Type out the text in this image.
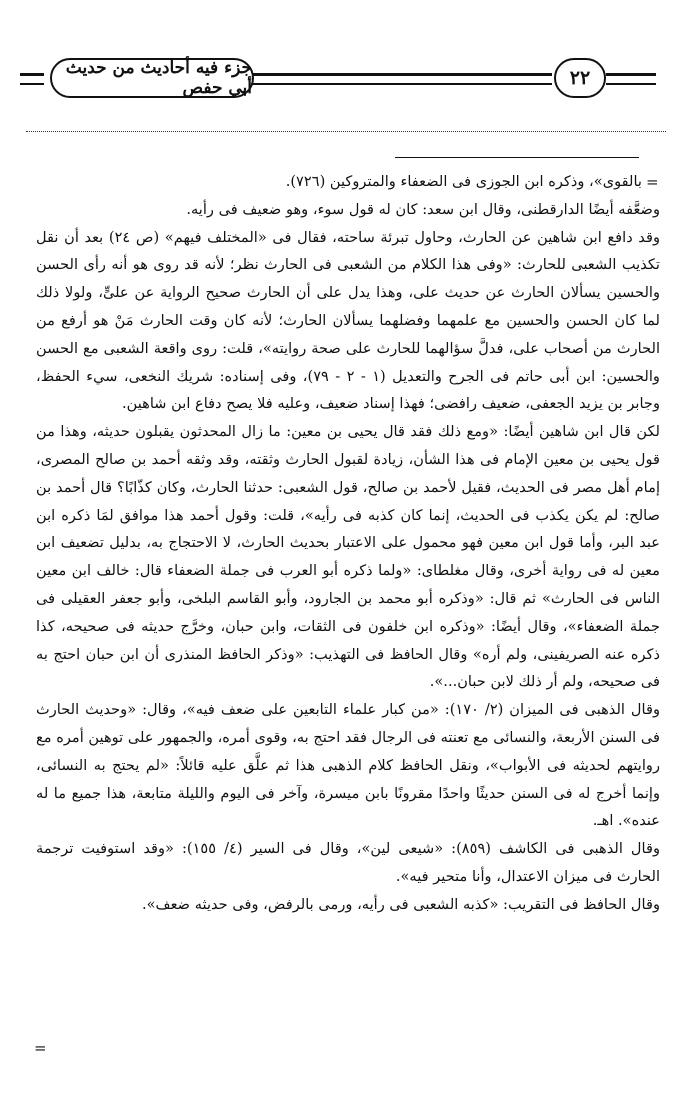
جزء فيه أحاديث من حديث أبي حفص	٢٢
=
=

بالقوى»، وذكره ابن الجوزى فى الضعفاء والمتروكين (٧٢٦).

وضعَّفه أيضًا الدارقطنى، وقال ابن سعد: كان له قول سوء، وهو ضعيف فى رأيه.

وقد دافع ابن شاهين عن الحارث، وحاول تبرئة ساحته، فقال فى «المختلف فيهم» (ص ٢٤) بعد أن نقل تكذيب الشعبى للحارث: «وفى هذا الكلام من الشعبى فى الحارث نظر؛ لأنه قد روى هو أنه رأى الحسن والحسين يسألان الحارث عن حديث على، وهذا يدل على أن الحارث صحيح الرواية عن علىٍّ، ولولا ذلك لما كان الحسن والحسين مع علمهما وفضلهما يسألان الحارث؛ لأنه كان وقت الحارث مَنْ هو أرفع من الحارث من أصحاب على، فدلَّ سؤالهما للحارث على صحة روايته»، قلت: روى واقعة الشعبى مع الحسن والحسين: ابن أبى حاتم فى الجرح والتعديل (١ - ٢ - ٧٩)، وفى إسناده: شريك النخعى، سيء الحفظ، وجابر بن يزيد الجعفى، ضعيف رافضى؛ فهذا إسناد ضعيف، وعليه فلا يصح دفاع ابن شاهين.

لكن قال ابن شاهين أيضًا: «ومع ذلك فقد قال يحيى بن معين: ما زال المحدثون يقبلون حديثه، وهذا من قول يحيى بن معين الإمام فى هذا الشأن، زيادة لقبول الحارث وثقته، وقد وثقه أحمد بن صالح المصرى، إمام أهل مصر فى الحديث، فقيل لأحمد بن صالح، قول الشعبى: حدثنا الحارث، وكان كذّابًا؟ قال أحمد بن صالح: لم يكن يكذب فى الحديث، إنما كان كذبه فى رأيه»، قلت: وقول أحمد هذا موافق لمَا ذكره ابن عبد البر، وأما قول ابن معين فهو محمول على الاعتبار بحديث الحارث، لا الاحتجاج به، بدليل تضعيف ابن معين له فى رواية أخرى، وقال مغلطاى: «ولما ذكره أبو العرب فى جملة الضعفاء قال: خالف ابن معين الناس فى الحارث» ثم قال: «وذكره أبو محمد بن الجارود، وأبو القاسم البلخى، وأبو جعفر العقيلى فى جملة الضعفاء»، وقال أيضًا: «وذكره ابن خلفون فى الثقات، وابن حبان، وخرَّج حديثه فى صحيحه، كذا ذكره عنه الصريفينى، ولم أره» وقال الحافظ فى التهذيب: «وذكر الحافظ المنذرى أن ابن حبان احتج به فى صحيحه، ولم أر ذلك لابن حبان...».

وقال الذهبى فى الميزان (٢/ ١٧٠): «من كبار علماء التابعين على ضعف فيه»، وقال: «وحديث الحارث فى السنن الأربعة، والنسائى مع تعنته فى الرجال فقد احتج به، وقوى أمره، والجمهور على توهين أمره مع روايتهم لحديثه فى الأبواب»، ونقل الحافظ كلام الذهبى هذا ثم علَّق عليه قائلاً: «لم يحتج به النسائى، وإنما أخرج له فى السنن حديثًا واحدًا مقرونًا بابن ميسرة، وآخر فى اليوم والليلة متابعة، هذا جميع ما له عنده». اهـ.

وقال الذهبى فى الكاشف (٨٥٩): «شيعى لين»، وقال فى السير (٤/ ١٥٥): «وقد استوفيت ترجمة الحارث فى ميزان الاعتدال، وأنا متحير فيه».

وقال الحافظ فى التقريب: «كذبه الشعبى فى رأيه، ورمى بالرفض، وفى حديثه ضعف».
